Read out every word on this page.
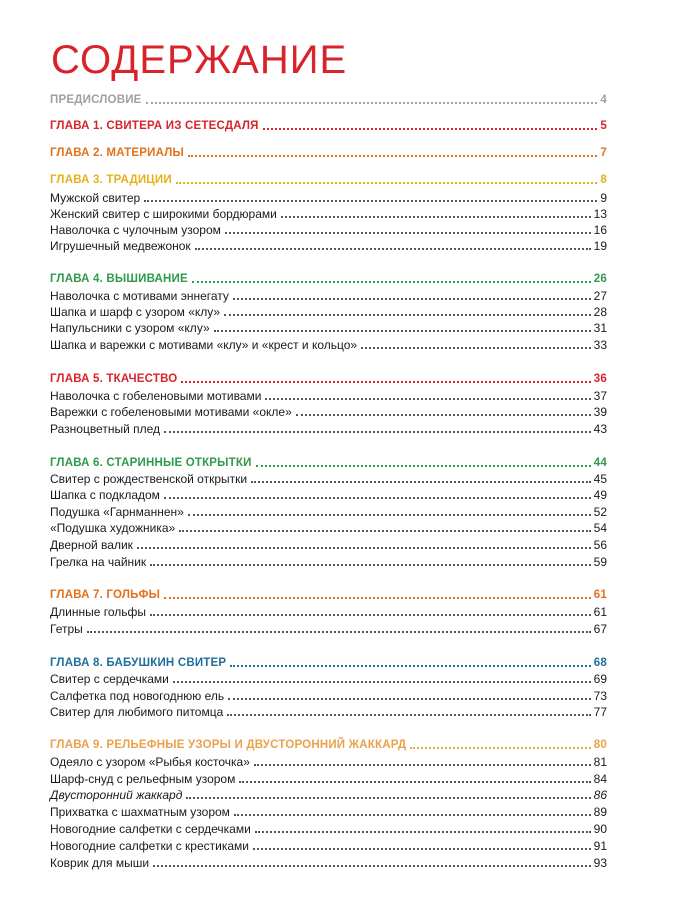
СОДЕРЖАНИЕ
ПРЕДИСЛОВИЕ	4
ГЛАВА 1. СВИТЕРА ИЗ СЕТЕСДАЛЯ	5
ГЛАВА 2. МАТЕРИАЛЫ	7
ГЛАВА 3. ТРАДИЦИИ	8
Мужской свитер	9
Женский свитер с широкими бордюрами	13
Наволочка с чулочным узором	16
Игрушечный медвежонок	19
ГЛАВА 4. ВЫШИВАНИЕ	26
Наволочка с мотивами эннегату	27
Шапка и шарф с узором «клу»	28
Напульсники с узором «клу»	31
Шапка и варежки с мотивами «клу» и «крест и кольцо»	33
ГЛАВА 5. ТКАЧЕСТВО	36
Наволочка с гобеленовыми мотивами	37
Варежки с гобеленовыми мотивами «окле»	39
Разноцветный плед	43
ГЛАВА 6. СТАРИННЫЕ ОТКРЫТКИ	44
Свитер с рождественской открытки	45
Шапка с подкладом	49
Подушка «Гарнманнен»	52
«Подушка художника»	54
Дверной валик	56
Грелка на чайник	59
ГЛАВА 7. ГОЛЬФЫ	61
Длинные гольфы	61
Гетры	67
ГЛАВА 8. БАБУШКИН СВИТЕР	68
Свитер с сердечками	69
Салфетка под новогоднюю ель	73
Свитер для любимого питомца	77
ГЛАВА 9. РЕЛЬЕФНЫЕ УЗОРЫ И ДВУСТОРОННИЙ ЖАККАРД	80
Одеяло с узором «Рыбья косточка»	81
Шарф-снуд с рельефным узором	84
Двусторонний жаккард	86
Прихватка с шахматным узором	89
Новогодние салфетки с сердечками	90
Новогодние салфетки с крестиками	91
Коврик для мыши	93
